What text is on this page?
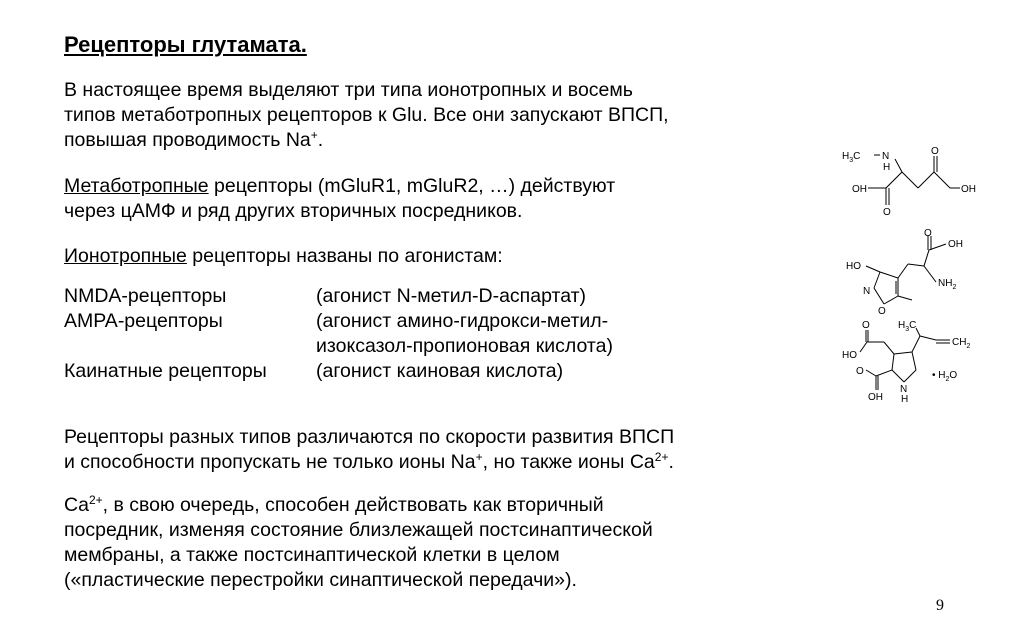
Рецепторы глутамата.
В настоящее время выделяют три типа ионотропных и восемь
типов метаботропных рецепторов к Glu. Все они запускают ВПСП,
повышая проводимость Na+.
Метаботропные рецепторы (mGluR1, mGluR2, …) действуют
через цАМФ и ряд других вторичных посредников.
Ионотропные рецепторы названы по агонистам:
NMDA-рецепторы	(агонист N-метил-D-аспартат)
AMPA-рецепторы	(агонист амино-гидрокси-метил-
изоксазол-пропионовая кислота)
Каинатные рецепторы	(агонист каиновая кислота)
Рецепторы разных типов различаются по скорости развития ВПСП
и способности пропускать не только ионы Na+, но также ионы $Ca^{2+}$.
$Ca^{2+}$, в свою очередь, способен действовать как вторичный
посредник, изменяя состояние близлежащей постсинаптической
мембраны, а также постсинаптической клетки в целом
(«пластические перестройки синаптической передачи»).
9
$H_3C$ N
H
OH
O
O
OH
O
OH
$NH_2$
HO
N
O
O
HO
$H_3C$
$CH_2$
O
OH
N
H
• $H_2O$
